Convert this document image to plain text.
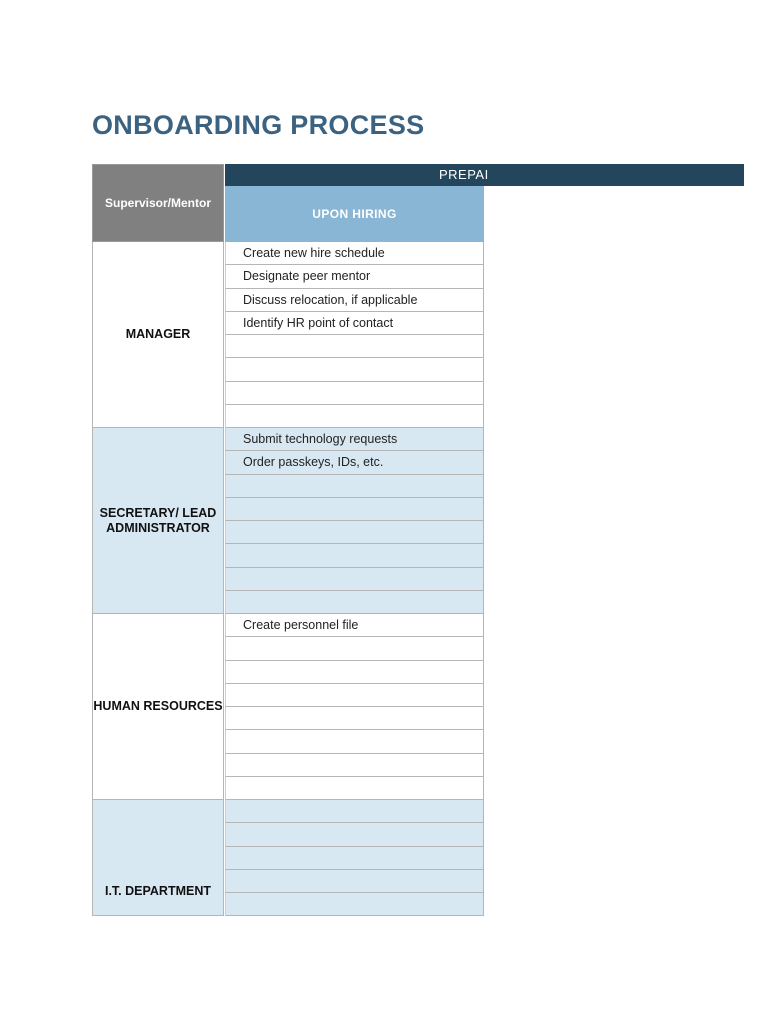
ONBOARDING PROCESS
Supervisor/Mentor
PREPAI
UPON HIRING
MANAGER
Create new hire schedule
Designate peer mentor
Discuss relocation, if applicable
Identify HR point of contact
SECRETARY/ LEAD ADMINISTRATOR
Submit technology requests
Order passkeys, IDs, etc.
HUMAN RESOURCES
Create personnel file
I.T. DEPARTMENT
